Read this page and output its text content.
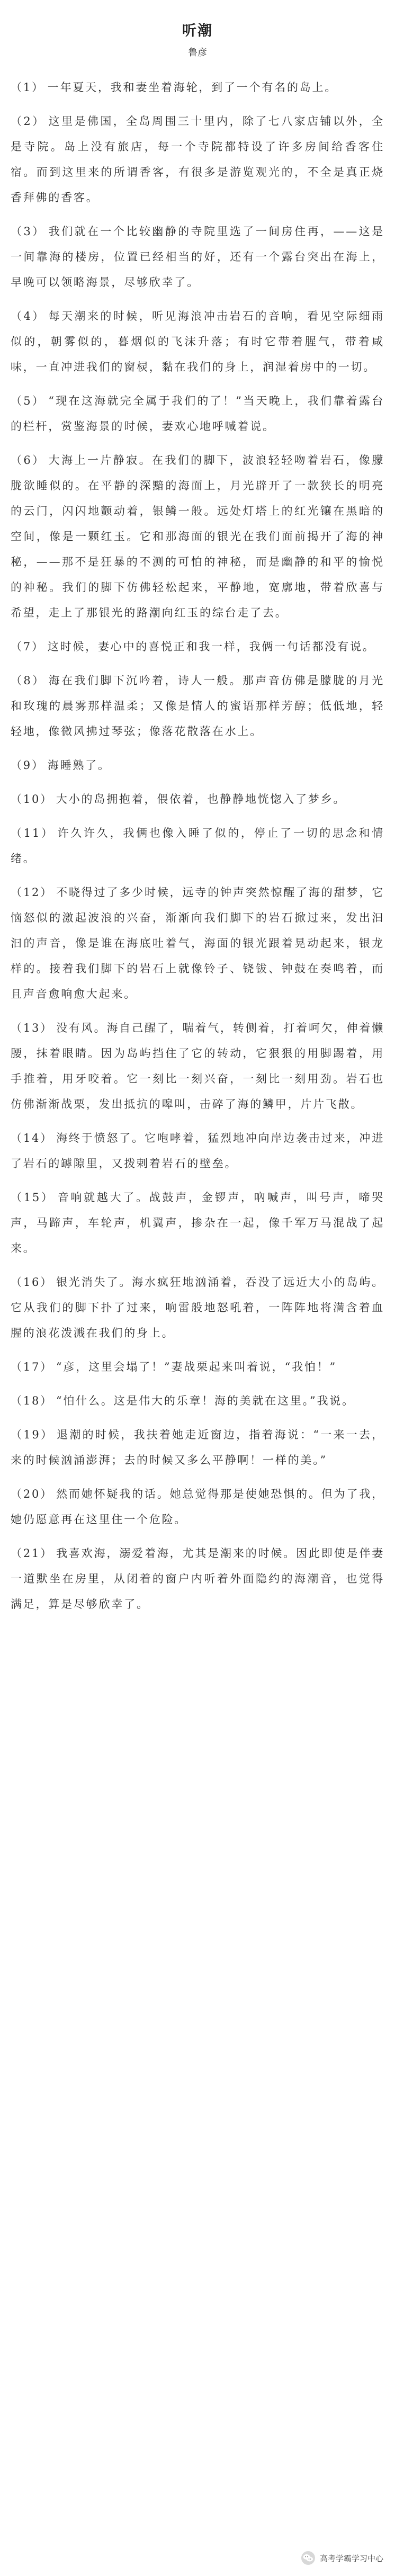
听潮
鲁彦

（1） 一年夏天，我和妻坐着海轮，到了一个有名的岛上。

（2） 这里是佛国，全岛周围三十里内，除了七八家店铺以外，全是寺院。岛上没有旅店，每一个寺院都特设了许多房间给香客住宿。而到这里来的所谓香客，有很多是游览观光的，不全是真正烧香拜佛的香客。

（3） 我们就在一个比较幽静的寺院里选了一间房住再，——这是一间靠海的楼房，位置已经相当的好，还有一个露台突出在海上，早晚可以领略海景，尽够欣幸了。

（4） 每天潮来的时候，听见海浪冲击岩石的音响，看见空际细雨似的，朝雾似的，暮烟似的飞沫升落；有时它带着腥气，带着咸味，一直冲进我们的窗棂，黏在我们的身上，润湿着房中的一切。

（5） “现在这海就完全属于我们的了！”当天晚上，我们靠着露台的栏杆，赏鉴海景的时候，妻欢心地呼喊着说。

（6） 大海上一片静寂。在我们的脚下，波浪轻轻吻着岩石，像朦胧欲睡似的。在平静的深黯的海面上，月光辟开了一款狭长的明亮的云门，闪闪地颤动着，银鳞一般。远处灯塔上的红光镶在黑暗的空间，像是一颗红玉。它和那海面的银光在我们面前揭开了海的神秘，——那不是狂暴的不测的可怕的神秘，而是幽静的和平的愉悦的神秘。我们的脚下仿佛轻松起来，平静地，宽廓地，带着欣喜与希望，走上了那银光的路潮向红玉的综台走了去。

（7） 这时候，妻心中的喜悦正和我一样，我俩一句话都没有说。

（8） 海在我们脚下沉吟着，诗人一般。那声音仿佛是朦胧的月光和玫瑰的晨雾那样温柔；又像是情人的蜜语那样芳醇；低低地，轻轻地，像微风拂过琴弦；像落花散落在水上。

（9） 海睡熟了。

（10） 大小的岛拥抱着，偎依着，也静静地恍惚入了梦乡。

（11） 许久许久，我俩也像入睡了似的，停止了一切的思念和情绪。

（12） 不晓得过了多少时候，远寺的钟声突然惊醒了海的甜梦，它恼怒似的激起波浪的兴奋，渐渐向我们脚下的岩石掀过来，发出汩汩的声音，像是谁在海底吐着气，海面的银光跟着晃动起来，银龙样的。接着我们脚下的岩石上就像铃子、铙钹、钟鼓在奏鸣着，而且声音愈响愈大起来。

（13） 没有风。海自己醒了，喘着气，转侧着，打着呵欠，伸着懒腰，抹着眼睛。因为岛屿挡住了它的转动，它狠狠的用脚踢着，用手推着，用牙咬着。它一刻比一刻兴奋，一刻比一刻用劲。岩石也仿佛渐渐战栗，发出抵抗的嗥叫，击碎了海的鳞甲，片片飞散。

（14） 海终于愤怒了。它咆哮着，猛烈地冲向岸边袭击过来，冲进了岩石的罅隙里，又拨剌着岩石的壁垒。

（15） 音响就越大了。战鼓声，金锣声，吶喊声，叫号声，啼哭声，马蹄声，车轮声，机翼声，掺杂在一起，像千军万马混战了起来。

（16） 银光消失了。海水疯狂地汹涌着，吞没了远近大小的岛屿。它从我们的脚下扑了过来，响雷般地怒吼着，一阵阵地将满含着血腥的浪花泼溅在我们的身上。

（17） “彦，这里会塌了！”妻战栗起来叫着说，“我怕！”

（18） “怕什么。这是伟大的乐章！海的美就在这里。”我说。

（19） 退潮的时候，我扶着她走近窗边，指着海说：“一来一去，来的时候汹涌澎湃；去的时候又多么平静啊！一样的美。”

（20） 然而她怀疑我的话。她总觉得那是使她恐惧的。但为了我，她仍愿意再在这里住一个危险。

（21） 我喜欢海，溺爱着海，尤其是潮来的时候。因此即使是伴妻一道默坐在房里，从闭着的窗户内听着外面隐约的海潮音，也觉得满足，算是尽够欣幸了。

高考学霸学习中心
